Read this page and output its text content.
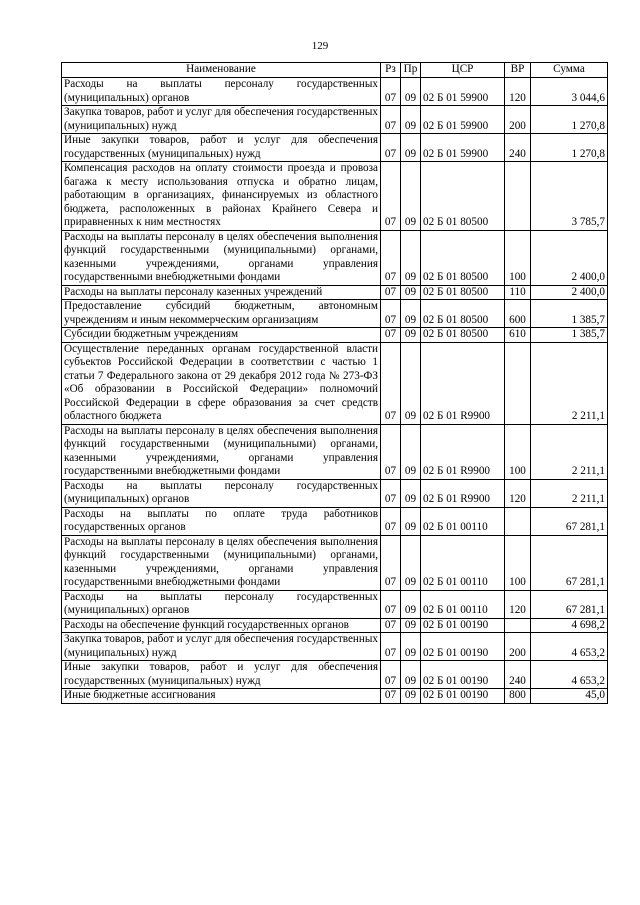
129
Наименование	Рз	Пр	ЦСР	ВР	Сумма
Расходы на выплаты персоналу государственных (муниципальных) органов	07	09	02 Б 01 59900	120	3 044,6
Закупка товаров, работ и услуг для обеспечения государственных (муниципальных) нужд	07	09	02 Б 01 59900	200	1 270,8
Иные закупки товаров, работ и услуг для обеспечения государственных (муниципальных) нужд	07	09	02 Б 01 59900	240	1 270,8
Компенсация расходов на оплату стоимости проезда и провоза багажа к месту использования отпуска и обратно лицам, работающим в организациях, финансируемых из областного бюджета, расположенных в районах Крайнего Севера и приравненных к ним местностях	07	09	02 Б 01 80500		3 785,7
Расходы на выплаты персоналу в целях обеспечения выполнения функций государственными (муниципальными) органами, казенными учреждениями, органами управления государственными внебюджетными фондами	07	09	02 Б 01 80500	100	2 400,0
Расходы на выплаты персоналу казенных учреждений	07	09	02 Б 01 80500	110	2 400,0
Предоставление субсидий бюджетным, автономным учреждениям и иным некоммерческим организациям	07	09	02 Б 01 80500	600	1 385,7
Субсидии бюджетным учреждениям	07	09	02 Б 01 80500	610	1 385,7
Осуществление переданных органам государственной власти субъектов Российской Федерации в соответствии с частью 1 статьи 7 Федерального закона от 29 декабря 2012 года № 273-ФЗ «Об образовании в Российской Федерации» полномочий Российской Федерации в сфере образования за счет средств областного бюджета	07	09	02 Б 01 R9900		2 211,1
Расходы на выплаты персоналу в целях обеспечения выполнения функций государственными (муниципальными) органами, казенными учреждениями, органами управления государственными внебюджетными фондами	07	09	02 Б 01 R9900	100	2 211,1
Расходы на выплаты персоналу государственных (муниципальных) органов	07	09	02 Б 01 R9900	120	2 211,1
Расходы на выплаты по оплате труда работников государственных органов	07	09	02 Б 01 00110		67 281,1
Расходы на выплаты персоналу в целях обеспечения выполнения функций государственными (муниципальными) органами, казенными учреждениями, органами управления государственными внебюджетными фондами	07	09	02 Б 01 00110	100	67 281,1
Расходы на выплаты персоналу государственных (муниципальных) органов	07	09	02 Б 01 00110	120	67 281,1
Расходы на обеспечение функций государственных органов	07	09	02 Б 01 00190		4 698,2
Закупка товаров, работ и услуг для обеспечения государственных (муниципальных) нужд	07	09	02 Б 01 00190	200	4 653,2
Иные закупки товаров, работ и услуг для обеспечения государственных (муниципальных) нужд	07	09	02 Б 01 00190	240	4 653,2
Иные бюджетные ассигнования	07	09	02 Б 01 00190	800	45,0
